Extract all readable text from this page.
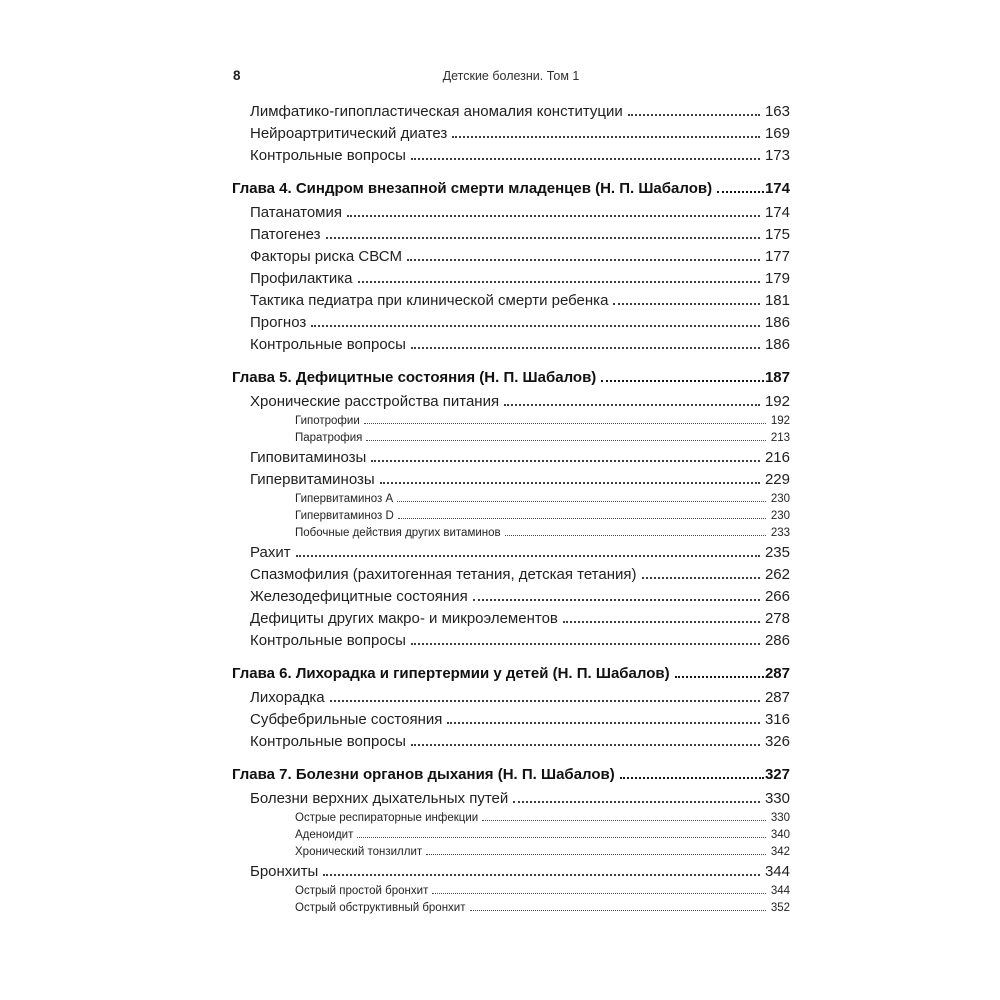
8	Детские болезни. Том 1
Лимфатико-гипопластическая аномалия конституции	163
Нейроартритический диатез	169
Контрольные вопросы	173
Глава 4. Синдром внезапной смерти младенцев (Н. П. Шабалов)	174
Патанатомия	174
Патогенез	175
Факторы риска СВСМ	177
Профилактика	179
Тактика педиатра при клинической смерти ребенка	181
Прогноз	186
Контрольные вопросы	186
Глава 5. Дефицитные состояния (Н. П. Шабалов)	187
Хронические расстройства питания	192
Гипотрофии	192
Паратрофия	213
Гиповитаминозы	216
Гипервитаминозы	229
Гипервитаминоз A	230
Гипервитаминоз D	230
Побочные действия других витаминов	233
Рахит	235
Спазмофилия (рахитогенная тетания, детская тетания)	262
Железодефицитные состояния	266
Дефициты других макро- и микроэлементов	278
Контрольные вопросы	286
Глава 6. Лихорадка и гипертермии у детей (Н. П. Шабалов)	287
Лихорадка	287
Субфебрильные состояния	316
Контрольные вопросы	326
Глава 7. Болезни органов дыхания (Н. П. Шабалов)	327
Болезни верхних дыхательных путей	330
Острые респираторные инфекции	330
Аденоидит	340
Хронический тонзиллит	342
Бронхиты	344
Острый простой бронхит	344
Острый обструктивный бронхит	352
